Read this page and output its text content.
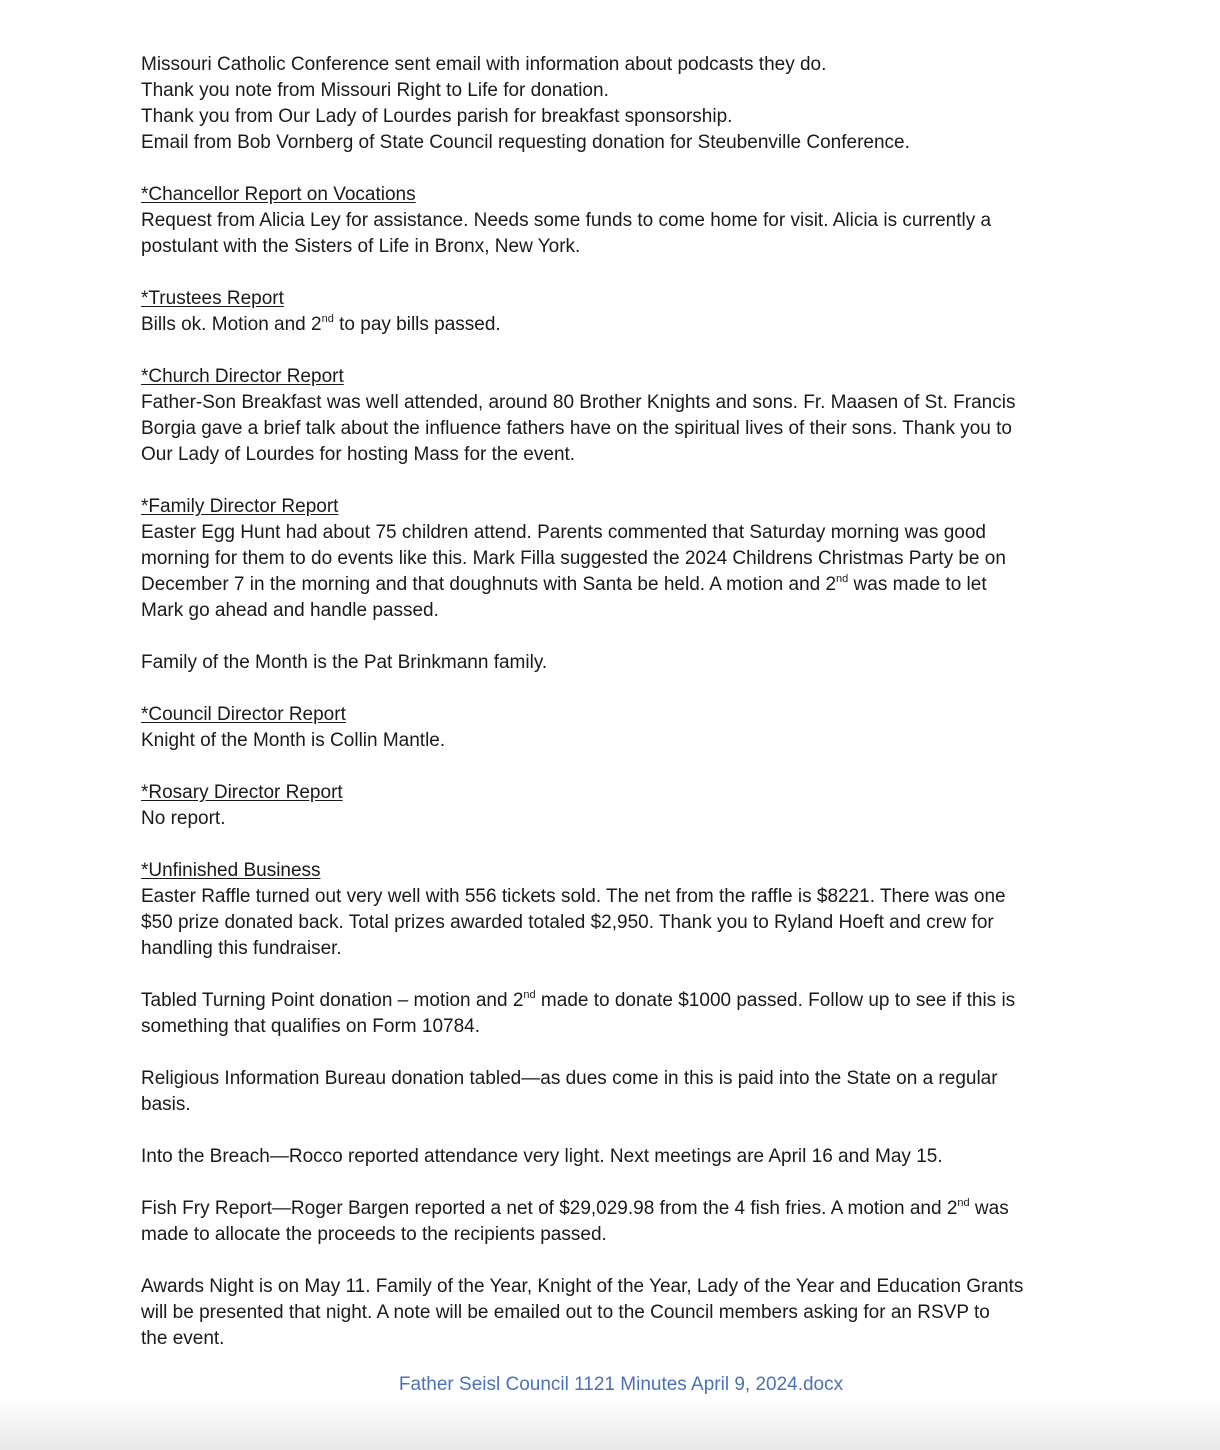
Missouri Catholic Conference sent email with information about podcasts they do.
Thank you note from Missouri Right to Life for donation.
Thank you from Our Lady of Lourdes parish for breakfast sponsorship.
Email from Bob Vornberg of State Council requesting donation for Steubenville Conference.
*Chancellor Report on Vocations
Request from Alicia Ley for assistance. Needs some funds to come home for visit. Alicia is currently a
postulant with the Sisters of Life in Bronx, New York.
*Trustees Report
Bills ok. Motion and 2nd to pay bills passed.
*Church Director Report
Father-Son Breakfast was well attended, around 80 Brother Knights and sons. Fr. Maasen of St. Francis
Borgia gave a brief talk about the influence fathers have on the spiritual lives of their sons. Thank you to
Our Lady of Lourdes for hosting Mass for the event.
*Family Director Report
Easter Egg Hunt had about 75 children attend. Parents commented that Saturday morning was good
morning for them to do events like this. Mark Filla suggested the 2024 Childrens Christmas Party be on
December 7 in the morning and that doughnuts with Santa be held. A motion and 2nd was made to let
Mark go ahead and handle passed.
Family of the Month is the Pat Brinkmann family.
*Council Director Report
Knight of the Month is Collin Mantle.
*Rosary Director Report
No report.
*Unfinished Business
Easter Raffle turned out very well with 556 tickets sold. The net from the raffle is $8221. There was one
$50 prize donated back. Total prizes awarded totaled $2,950. Thank you to Ryland Hoeft and crew for
handling this fundraiser.
Tabled Turning Point donation – motion and 2nd made to donate $1000 passed. Follow up to see if this is
something that qualifies on Form 10784.
Religious Information Bureau donation tabled—as dues come in this is paid into the State on a regular
basis.
Into the Breach—Rocco reported attendance very light. Next meetings are April 16 and May 15.
Fish Fry Report—Roger Bargen reported a net of $29,029.98 from the 4 fish fries. A motion and 2nd was
made to allocate the proceeds to the recipients passed.
Awards Night is on May 11. Family of the Year, Knight of the Year, Lady of the Year and Education Grants
will be presented that night. A note will be emailed out to the Council members asking for an RSVP to
the event.
Father Seisl Council 1121 Minutes April 9, 2024.docx
